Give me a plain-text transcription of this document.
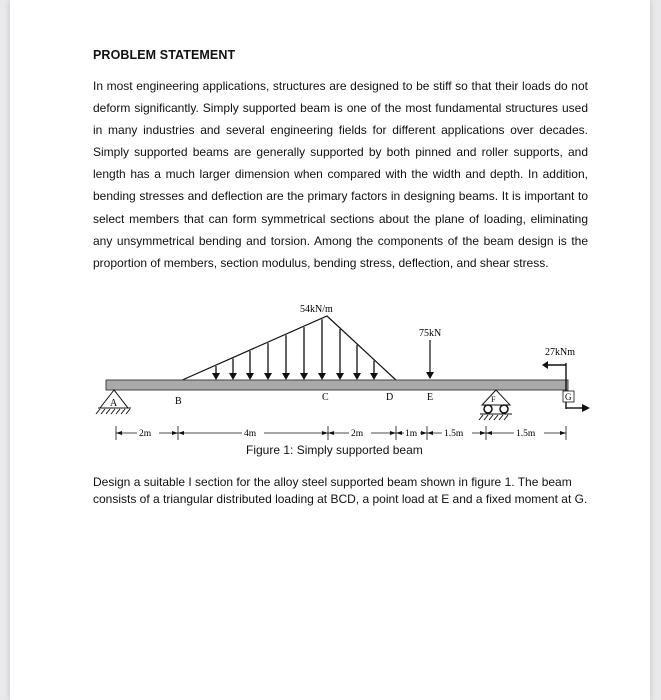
PROBLEM STATEMENT
In most engineering applications, structures are designed to be stiff so that their loads do not deform significantly. Simply supported beam is one of the most fundamental structures used in many industries and several engineering fields for different applications over decades. Simply supported beams are generally supported by both pinned and roller supports, and length has a much larger dimension when compared with the width and depth. In addition, bending stresses and deflection are the primary factors in designing beams. It is important to select members that can form symmetrical sections about the plane of loading, eliminating any unsymmetrical bending and torsion. Among the components of the beam design is the proportion of members, section modulus, bending stress, deflection, and shear stress.
Design a suitable I section for the alloy steel supported beam shown in figure 1. The beam consists of a triangular distributed loading at BCD, a point load at E and a fixed moment at G.
54kN/m
75kN
27kNm
A	B	C	D	E	F	G
2m	4m	2m	1m	1.5m	1.5m
Figure 1: Simply supported beam
